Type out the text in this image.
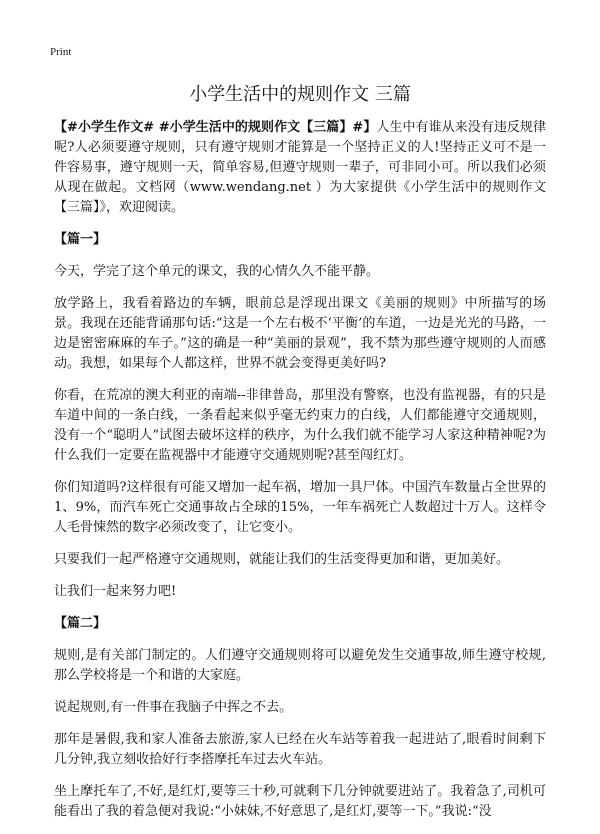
Print
小学生活中的规则作文 三篇

【#小学生作文# #小学生活中的规则作文【三篇】#】人生中有谁从来没有违反规律呢?人必须要遵守规则，只有遵守规则才能算是一个坚持正义的人!坚持正义可不是一件容易事，遵守规则一天，简单容易,但遵守规则一辈子，可非同小可。所以我们必须从现在做起。文档网（www.wendang.net ）为大家提供《小学生活中的规则作文【三篇】》，欢迎阅读。

【篇一】

今天，学完了这个单元的课文，我的心情久久不能平静。

放学路上，我看着路边的车辆，眼前总是浮现出课文《美丽的规则》中所描写的场景。我现在还能背诵那句话:“这是一个左右极不‘平衡’的车道，一边是光光的马路，一边是密密麻麻的车子。”这的确是一种“美丽的景观”，我不禁为那些遵守规则的人而感动。我想，如果每个人都这样，世界不就会变得更美好吗?

你看，在荒凉的澳大利亚的南端--非律普岛，那里没有警察，也没有监视器，有的只是车道中间的一条白线，一条看起来似乎毫无约束力的白线，人们都能遵守交通规则，没有一个“聪明人”试图去破坏这样的秩序，为什么我们就不能学习人家这种精神呢?为什么我们一定要在监视器中才能遵守交通规则呢?甚至闯红灯。

你们知道吗?这样很有可能又增加一起车祸，增加一具尸体。中国汽车数量占全世界的1、9%，而汽车死亡交通事故占全球的15%，一年车祸死亡人数超过十万人。这样令人毛骨悚然的数字必须改变了，让它变小。

只要我们一起严格遵守交通规则，就能让我们的生活变得更加和谐，更加美好。

让我们一起来努力吧!

【篇二】

规则,是有关部门制定的。人们遵守交通规则将可以避免发生交通事故,师生遵守校规,那么学校将是一个和谐的大家庭。

说起规则,有一件事在我脑子中挥之不去。

那年是暑假,我和家人准备去旅游,家人已经在火车站等着我一起进站了,眼看时间剩下几分钟,我立刻收拾好行李搭摩托车过去火车站。

坐上摩托车了,不好,是红灯,要等三十秒,可就剩下几分钟就要进站了。我着急了,司机可能看出了我的着急便对我说:“小妹妹,不好意思了,是红灯,要等一下。”我说:“没
